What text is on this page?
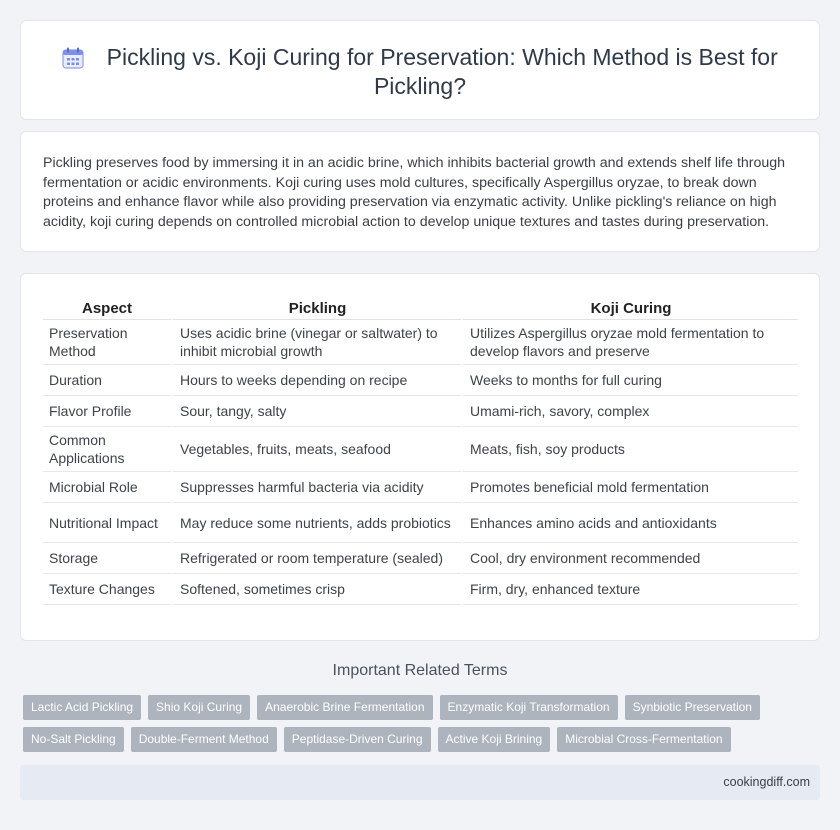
Pickling vs. Koji Curing for Preservation: Which Method is Best for Pickling?

Pickling preserves food by immersing it in an acidic brine, which inhibits bacterial growth and extends shelf life through fermentation or acidic environments. Koji curing uses mold cultures, specifically Aspergillus oryzae, to break down proteins and enhance flavor while also providing preservation via enzymatic activity. Unlike pickling's reliance on high acidity, koji curing depends on controlled microbial action to develop unique textures and tastes during preservation.

Aspect	Pickling	Koji Curing
Preservation Method	Uses acidic brine (vinegar or saltwater) to inhibit microbial growth	Utilizes Aspergillus oryzae mold fermentation to develop flavors and preserve
Duration	Hours to weeks depending on recipe	Weeks to months for full curing
Flavor Profile	Sour, tangy, salty	Umami-rich, savory, complex
Common Applications	Vegetables, fruits, meats, seafood	Meats, fish, soy products
Microbial Role	Suppresses harmful bacteria via acidity	Promotes beneficial mold fermentation
Nutritional Impact	May reduce some nutrients, adds probiotics	Enhances amino acids and antioxidants
Storage	Refrigerated or room temperature (sealed)	Cool, dry environment recommended
Texture Changes	Softened, sometimes crisp	Firm, dry, enhanced texture
Important Related Terms
Lactic Acid Pickling	Shio Koji Curing	Anaerobic Brine Fermentation	Enzymatic Koji Transformation	Synbiotic Preservation
No-Salt Pickling	Double-Ferment Method	Peptidase-Driven Curing	Active Koji Brining	Microbial Cross-Fermentation
cookingdiff.com
